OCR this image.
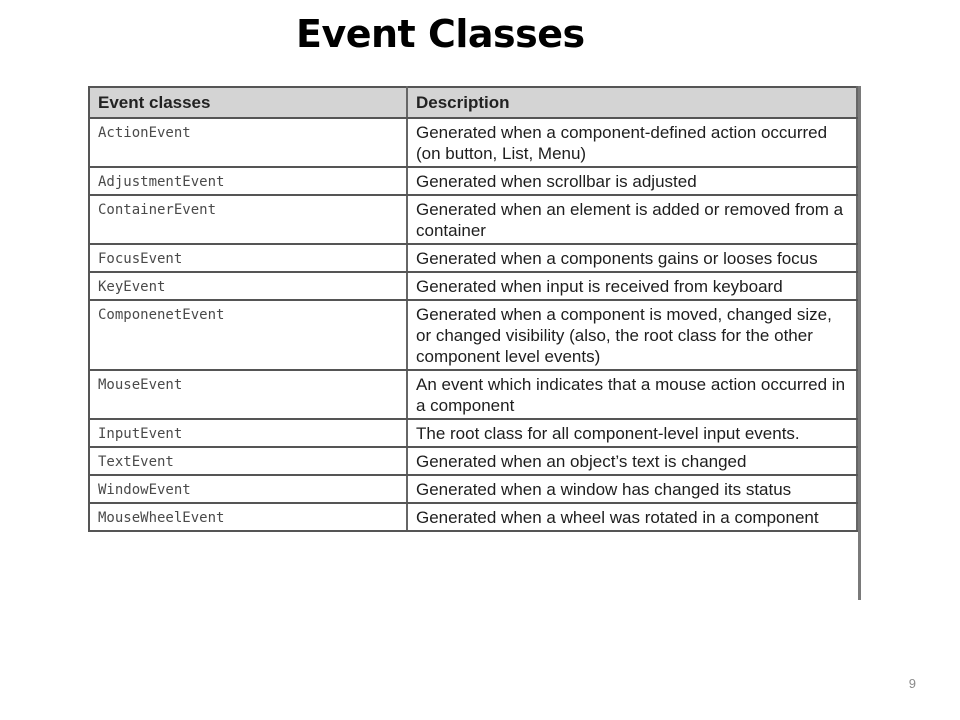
Event Classes
Event classes	Description
ActionEvent	Generated when a component-defined action occurred (on button, List, Menu)
AdjustmentEvent	Generated when scrollbar is adjusted
ContainerEvent	Generated when an element is added or removed from a container
FocusEvent	Generated when a components gains or looses focus
KeyEvent	Generated when input is received from keyboard
ComponenetEvent	Generated when a component is moved, changed size, or changed visibility (also, the root class for the other component level events)
MouseEvent	An event which indicates that a mouse action occurred in a component
InputEvent	The root class for all component-level input events.
TextEvent	Generated when an object’s text is changed
WindowEvent	Generated when a window has changed its status
MouseWheelEvent	Generated when a wheel was rotated in a component
9
